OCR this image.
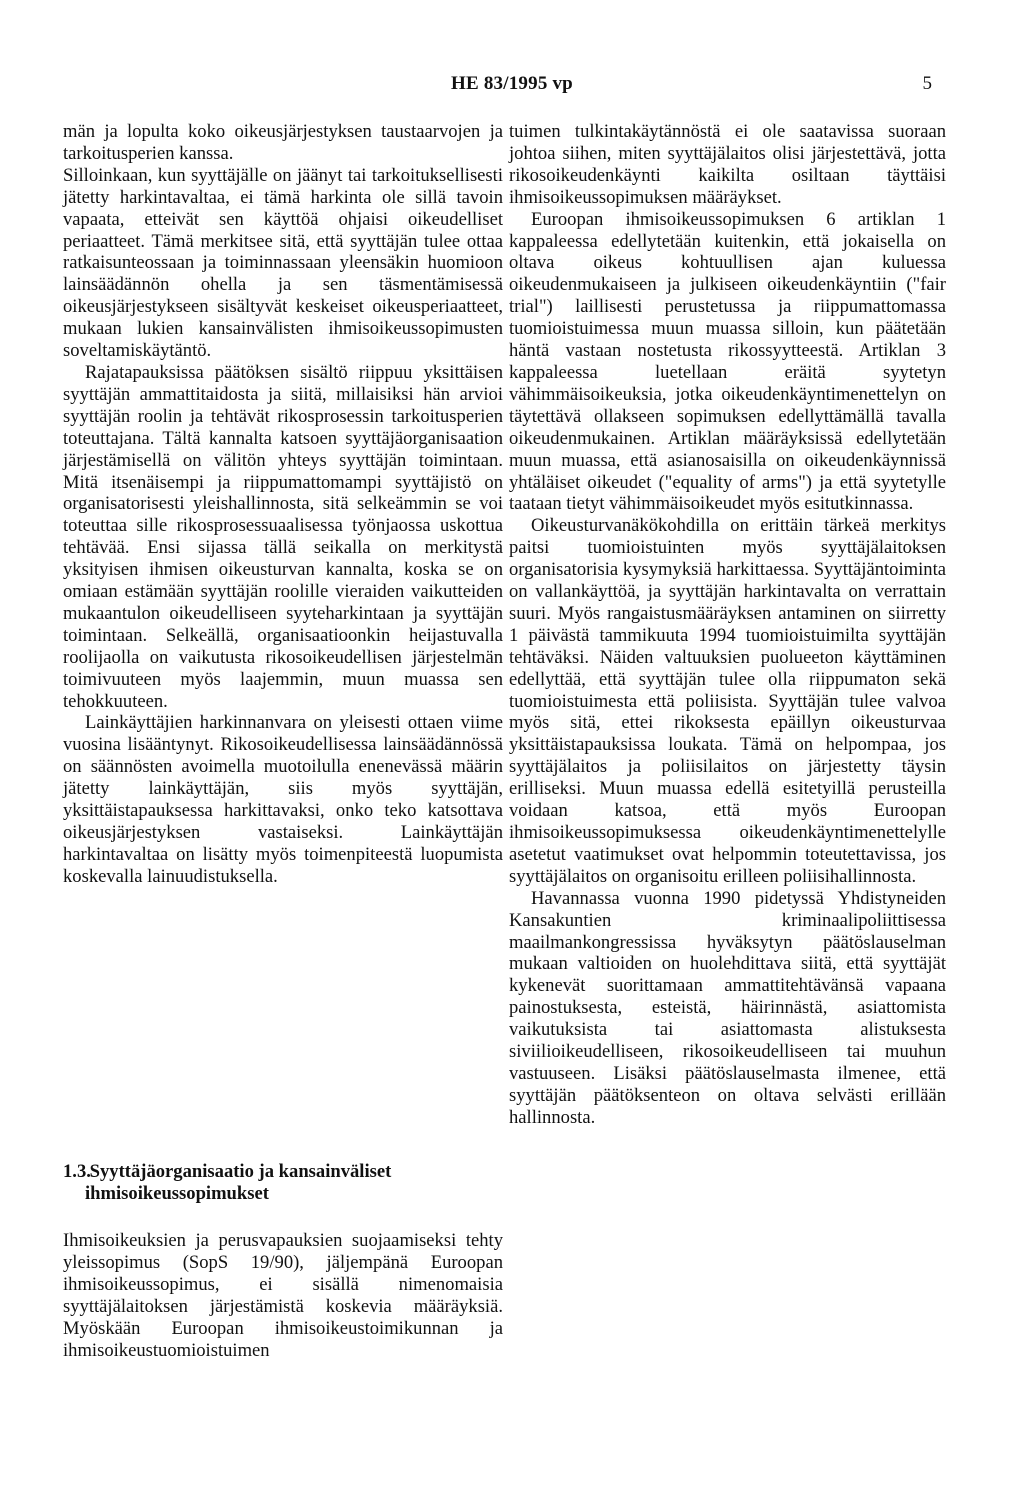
HE 83/1995 vp	5

män ja lopulta koko oikeusjärjestyksen taustaarvojen ja tarkoitusperien kanssa.

Silloinkaan, kun syyttäjälle on jäänyt tai tarkoituksellisesti jätetty harkintavaltaa, ei tämä harkinta ole sillä tavoin vapaata, etteivät sen käyttöä ohjaisi oikeudelliset periaatteet. Tämä merkitsee sitä, että syyttäjän tulee ottaa ratkaisunteossaan ja toiminnassaan yleensäkin huomioon lainsäädännön ohella ja sen täsmentämisessä oikeusjärjestykseen sisältyvät keskeiset oikeusperiaatteet, mukaan lukien kansainvälisten ihmisoikeussopimusten soveltamiskäytäntö.

Rajatapauksissa päätöksen sisältö riippuu yksittäisen syyttäjän ammattitaidosta ja siitä, millaisiksi hän arvioi syyttäjän roolin ja tehtävät rikosprosessin tarkoitusperien toteuttajana. Tältä kannalta katsoen syyttäjäorganisaation järjestämisellä on välitön yhteys syyttäjän toimintaan. Mitä itsenäisempi ja riippumattomampi syyttäjistö on organisatorisesti yleishallinnosta, sitä selkeämmin se voi toteuttaa sille rikosprosessuaalisessa työnjaossa uskottua tehtävää. Ensi sijassa tällä seikalla on merkitystä yksityisen ihmisen oikeusturvan kannalta, koska se on omiaan estämään syyttäjän roolille vieraiden vaikutteiden mukaantulon oikeudelliseen syyteharkintaan ja syyttäjän toimintaan. Selkeällä, organisaatioonkin heijastuvalla roolijaolla on vaikutusta rikosoikeudellisen järjestelmän toimivuuteen myös laajemmin, muun muassa sen tehokkuuteen.

Lainkäyttäjien harkinnanvara on yleisesti ottaen viime vuosina lisääntynyt. Rikosoikeudellisessa lainsäädännössä on säännösten avoimella muotoilulla enenevässä määrin jätetty lainkäyttäjän, siis myös syyttäjän, yksittäistapauksessa harkittavaksi, onko teko katsottava oikeusjärjestyksen vastaiseksi. Lainkäyttäjän harkintavaltaa on lisätty myös toimenpiteestä luopumista koskevalla lainuudistuksella.

1.3. Syyttäjäorganisaatio ja kansainväliset
ihmisoikeussopimukset

Ihmisoikeuksien ja perusvapauksien suojaamiseksi tehty yleissopimus (SopS 19/90), jäljempänä Euroopan ihmisoikeussopimus, ei sisällä nimenomaisia syyttäjälaitoksen järjestämistä koskevia määräyksiä. Myöskään Euroopan ihmisoikeustoimikunnan ja ihmisoikeustuomioistuimen

tuimen tulkintakäytännöstä ei ole saatavissa suoraan johtoa siihen, miten syyttäjälaitos olisi järjestettävä, jotta rikosoikeudenkäynti kaikilta osiltaan täyttäisi ihmisoikeussopimuksen määräykset.

Euroopan ihmisoikeussopimuksen 6 artiklan 1 kappaleessa edellytetään kuitenkin, että jokaisella on oltava oikeus kohtuullisen ajan kuluessa oikeudenmukaiseen ja julkiseen oikeudenkäyntiin ("fair trial") laillisesti perustetussa ja riippumattomassa tuomioistuimessa muun muassa silloin, kun päätetään häntä vastaan nostetusta rikossyytteestä. Artiklan 3 kappaleessa luetellaan eräitä syytetyn vähimmäisoikeuksia, jotka oikeudenkäyntimenettelyn on täytettävä ollakseen sopimuksen edellyttämällä tavalla oikeudenmukainen. Artiklan määräyksissä edellytetään muun muassa, että asianosaisilla on oikeudenkäynnissä yhtäläiset oikeudet ("equality of arms") ja että syytetylle taataan tietyt vähimmäisoikeudet myös esitutkinnassa.

Oikeusturvanäkökohdilla on erittäin tärkeä merkitys paitsi tuomioistuinten myös syyttäjälaitoksen organisatorisia kysymyksiä harkittaessa. Syyttäjäntoiminta on vallankäyttöä, ja syyttäjän harkintavalta on verrattain suuri. Myös rangaistusmääräyksen antaminen on siirretty 1 päivästä tammikuuta 1994 tuomioistuimilta syyttäjän tehtäväksi. Näiden valtuuksien puolueeton käyttäminen edellyttää, että syyttäjän tulee olla riippumaton sekä tuomioistuimesta että poliisista. Syyttäjän tulee valvoa myös sitä, ettei rikoksesta epäillyn oikeusturvaa yksittäistapauksissa loukata. Tämä on helpompaa, jos syyttäjälaitos ja poliisilaitos on järjestetty täysin erilliseksi. Muun muassa edellä esitetyillä perusteilla voidaan katsoa, että myös Euroopan ihmisoikeussopimuksessa oikeudenkäyntimenettelylle asetetut vaatimukset ovat helpommin toteutettavissa, jos syyttäjälaitos on organisoitu erilleen poliisihallinnosta.

Havannassa vuonna 1990 pidetyssä Yhdistyneiden Kansakuntien kriminaalipoliittisessa maailmankongressissa hyväksytyn päätöslauselman mukaan valtioiden on huolehdittava siitä, että syyttäjät kykenevät suorittamaan ammattitehtävänsä vapaana painostuksesta, esteistä, häirinnästä, asiattomista vaikutuksista tai asiattomasta alistuksesta siviilioikeudelliseen, rikosoikeudelliseen tai muuhun vastuuseen. Lisäksi päätöslauselmasta ilmenee, että syyttäjän päätöksenteon on oltava selvästi erillään hallinnosta.
